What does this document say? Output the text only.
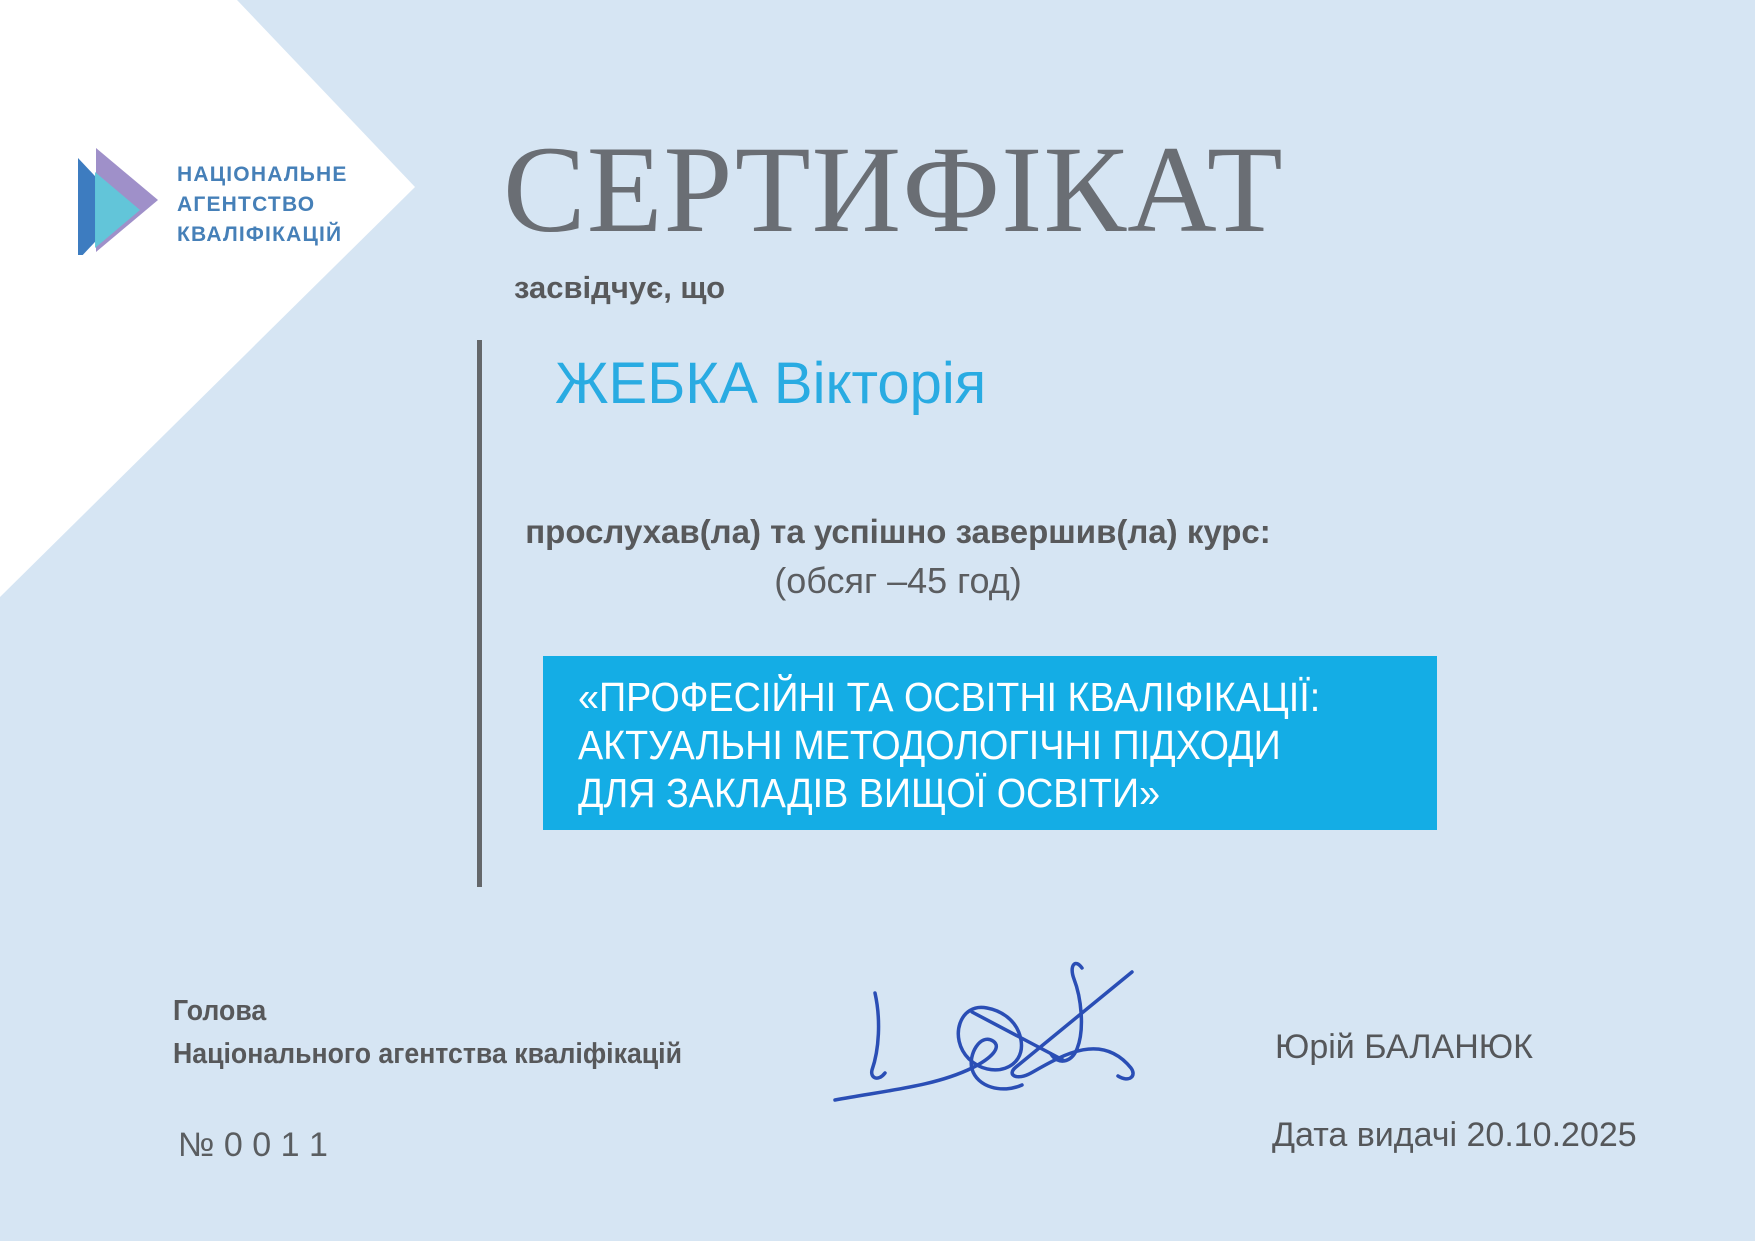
НАЦІОНАЛЬНЕ
АГЕНТСТВО
КВАЛІФІКАЦІЙ СЕРТИФІКАТ
засвідчує, що
ЖЕБКА Вікторія
прослухав(ла) та успішно завершив(ла) курс:
(обсяг –45 год)
«ПРОФЕСІЙНІ ТА ОСВІТНІ КВАЛІФІКАЦІЇ:
АКТУАЛЬНІ МЕТОДОЛОГІЧНІ ПІДХОДИ
ДЛЯ ЗАКЛАДІВ ВИЩОЇ ОСВІТИ»
Голова
Національного агентства кваліфікацій	Юрій БАЛАНЮК
№ 0 0 1 1	Дата видачі 20.10.2025
